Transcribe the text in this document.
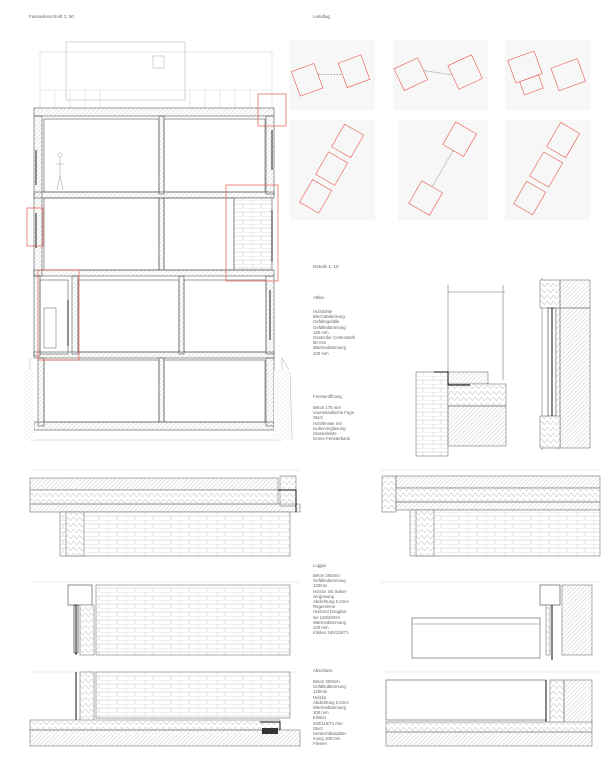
Fassadenschnitt 1: 50	Leitidlag
Details 1: 10
Attika
Holzbohle
Blechabdeckung
Gefüllegefälle
Gefälledämmung
150 mm
Gestreifer Cortenstahl
50 mm
Wärmedämmung
100 mm
Fensteröffnung
Beton 175 mm
reuenelastische Fuge
Sturz
Holzfenster mit
Isolierverglasung
Glasnaleiste
innere Fensterbank
Loggia
Beton 200mm
Gefälledämmung
120mm
Holzlor mit Isolier-
verglasung
Abdichtung 0,2mm
Regenrinne
Holzrost Douglas-
sie 120/20mm
Wärmedämmung
100 mm
Klinker 240/115/71
Abschluss
Beton 300mm
Gefälledämmung
120mm
Holzlor
Abdichtung 0,2mm
Wärmedämmung
100 mm
Klinker
240/115/71 mm
Sturz
Herleichtbaudäm-
mung 100 mm
Fliesen
